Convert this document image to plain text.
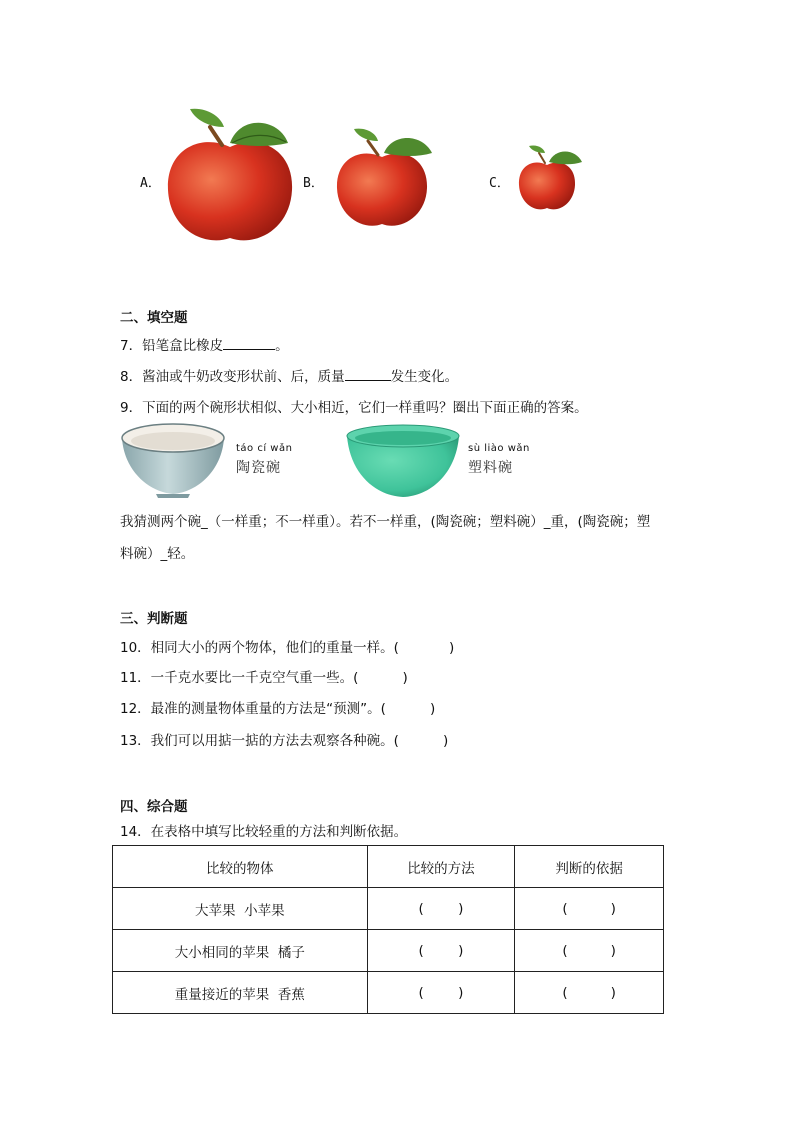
A．	B．	C．
二、填空题
7．铅笔盒比橡皮	。
8．酱油或牛奶改变形状前、后，质量	发生变化。
9．下面的两个碗形状相似、大小相近，它们一样重吗？圈出下面正确的答案。
táo cí wǎn
陶瓷碗
sù liào wǎn
塑料碗
我猜测两个碗_（一样重；不一样重）。若不一样重，(陶瓷碗；塑料碗）_重，(陶瓷碗；塑
料碗）_轻。
三、判断题
10．相同大小的两个物体，他们的重量一样。(	)
11．一千克水要比一千克空气重一些。(	)
12．最准的测量物体重量的方法是“预测”。(	)
13．我们可以用掂一掂的方法去观察各种碗。(	)
四、综合题
14．在表格中填写比较轻重的方法和判断依据。
比较的物体	比较的方法	判断的依据
大苹果  小苹果	(        )	(          )
大小相同的苹果  橘子	(        )	(          )
重量接近的苹果  香蕉	(        )	(          )
